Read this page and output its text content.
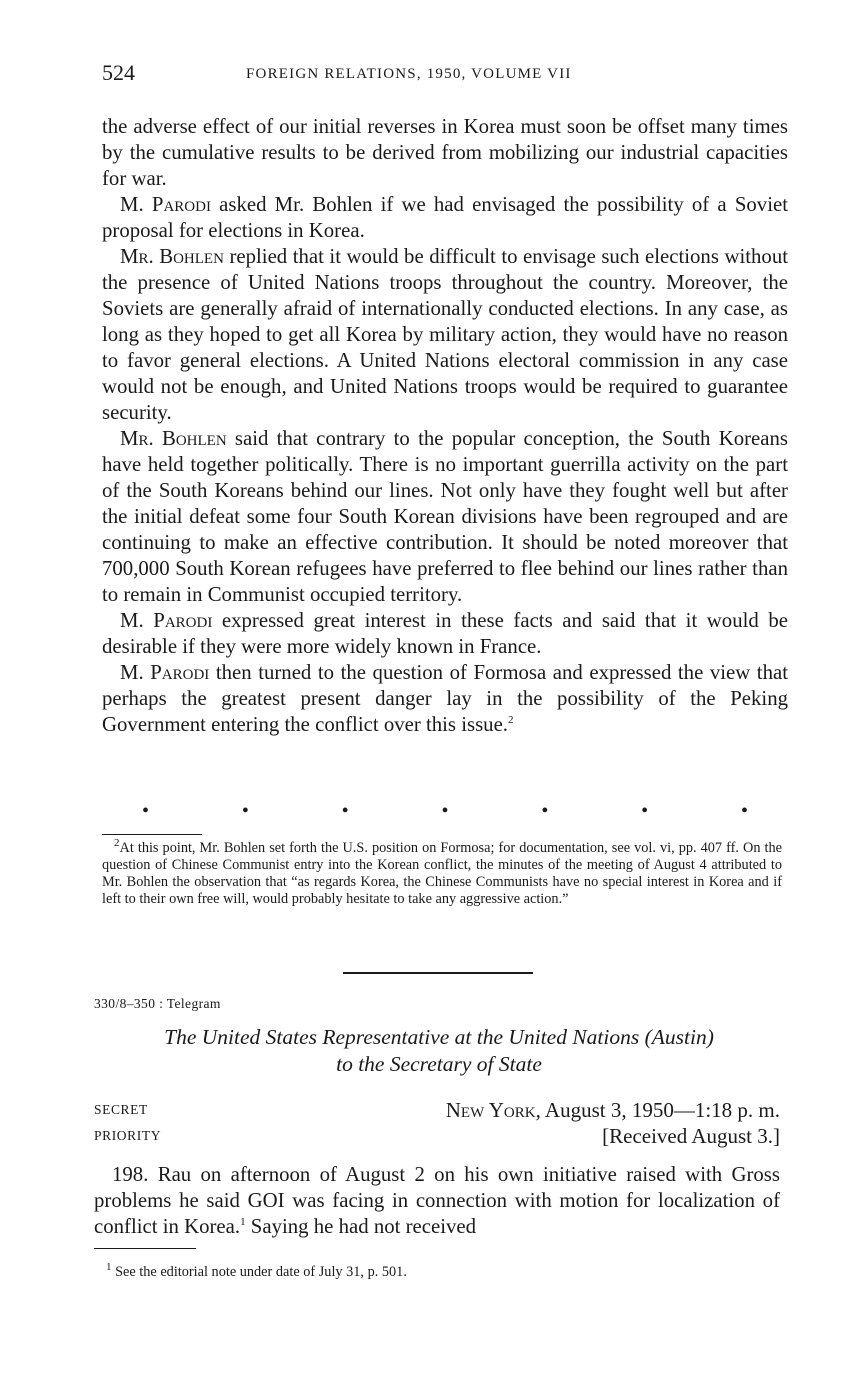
524	FOREIGN RELATIONS, 1950, VOLUME VII

the adverse effect of our initial reverses in Korea must soon be offset many times by the cumulative results to be derived from mobilizing our industrial capacities for war.

M. Parodi asked Mr. Bohlen if we had envisaged the possibility of a Soviet proposal for elections in Korea.

Mr. Bohlen replied that it would be difficult to envisage such elections without the presence of United Nations troops throughout the country. Moreover, the Soviets are generally afraid of internationally conducted elections. In any case, as long as they hoped to get all Korea by military action, they would have no reason to favor general elections. A United Nations electoral commission in any case would not be enough, and United Nations troops would be required to guarantee security.

Mr. Bohlen said that contrary to the popular conception, the South Koreans have held together politically. There is no important guerrilla activity on the part of the South Koreans behind our lines. Not only have they fought well but after the initial defeat some four South Korean divisions have been regrouped and are continuing to make an effective contribution. It should be noted moreover that 700,000 South Korean refugees have preferred to flee behind our lines rather than to remain in Communist occupied territory.

M. Parodi expressed great interest in these facts and said that it would be desirable if they were more widely known in France.

M. Parodi then turned to the question of Formosa and expressed the view that perhaps the greatest present danger lay in the possibility of the Peking Government entering the conflict over this issue.$^2$

•	•	•	•	•	•	•

$^2$At this point, Mr. Bohlen set forth the U.S. position on Formosa; for documentation, see vol. vi, pp. 407 ff. On the question of Chinese Communist entry into the Korean conflict, the minutes of the meeting of August 4 attributed to Mr. Bohlen the observation that “as regards Korea, the Chinese Communists have no special interest in Korea and if left to their own free will, would probably hesitate to take any aggressive action.”

330/8–350 : Telegram

The United States Representative at the United Nations (Austin)
to the Secretary of State

SECRET
PRIORITY
New York, August 3, 1950—1:18 p. m.
[Received August 3.]

198. Rau on afternoon of August 2 on his own initiative raised with Gross problems he said GOI was facing in connection with motion for localization of conflict in Korea.$^1$ Saying he had not received

$^1$ See the editorial note under date of July 31, p. 501.
